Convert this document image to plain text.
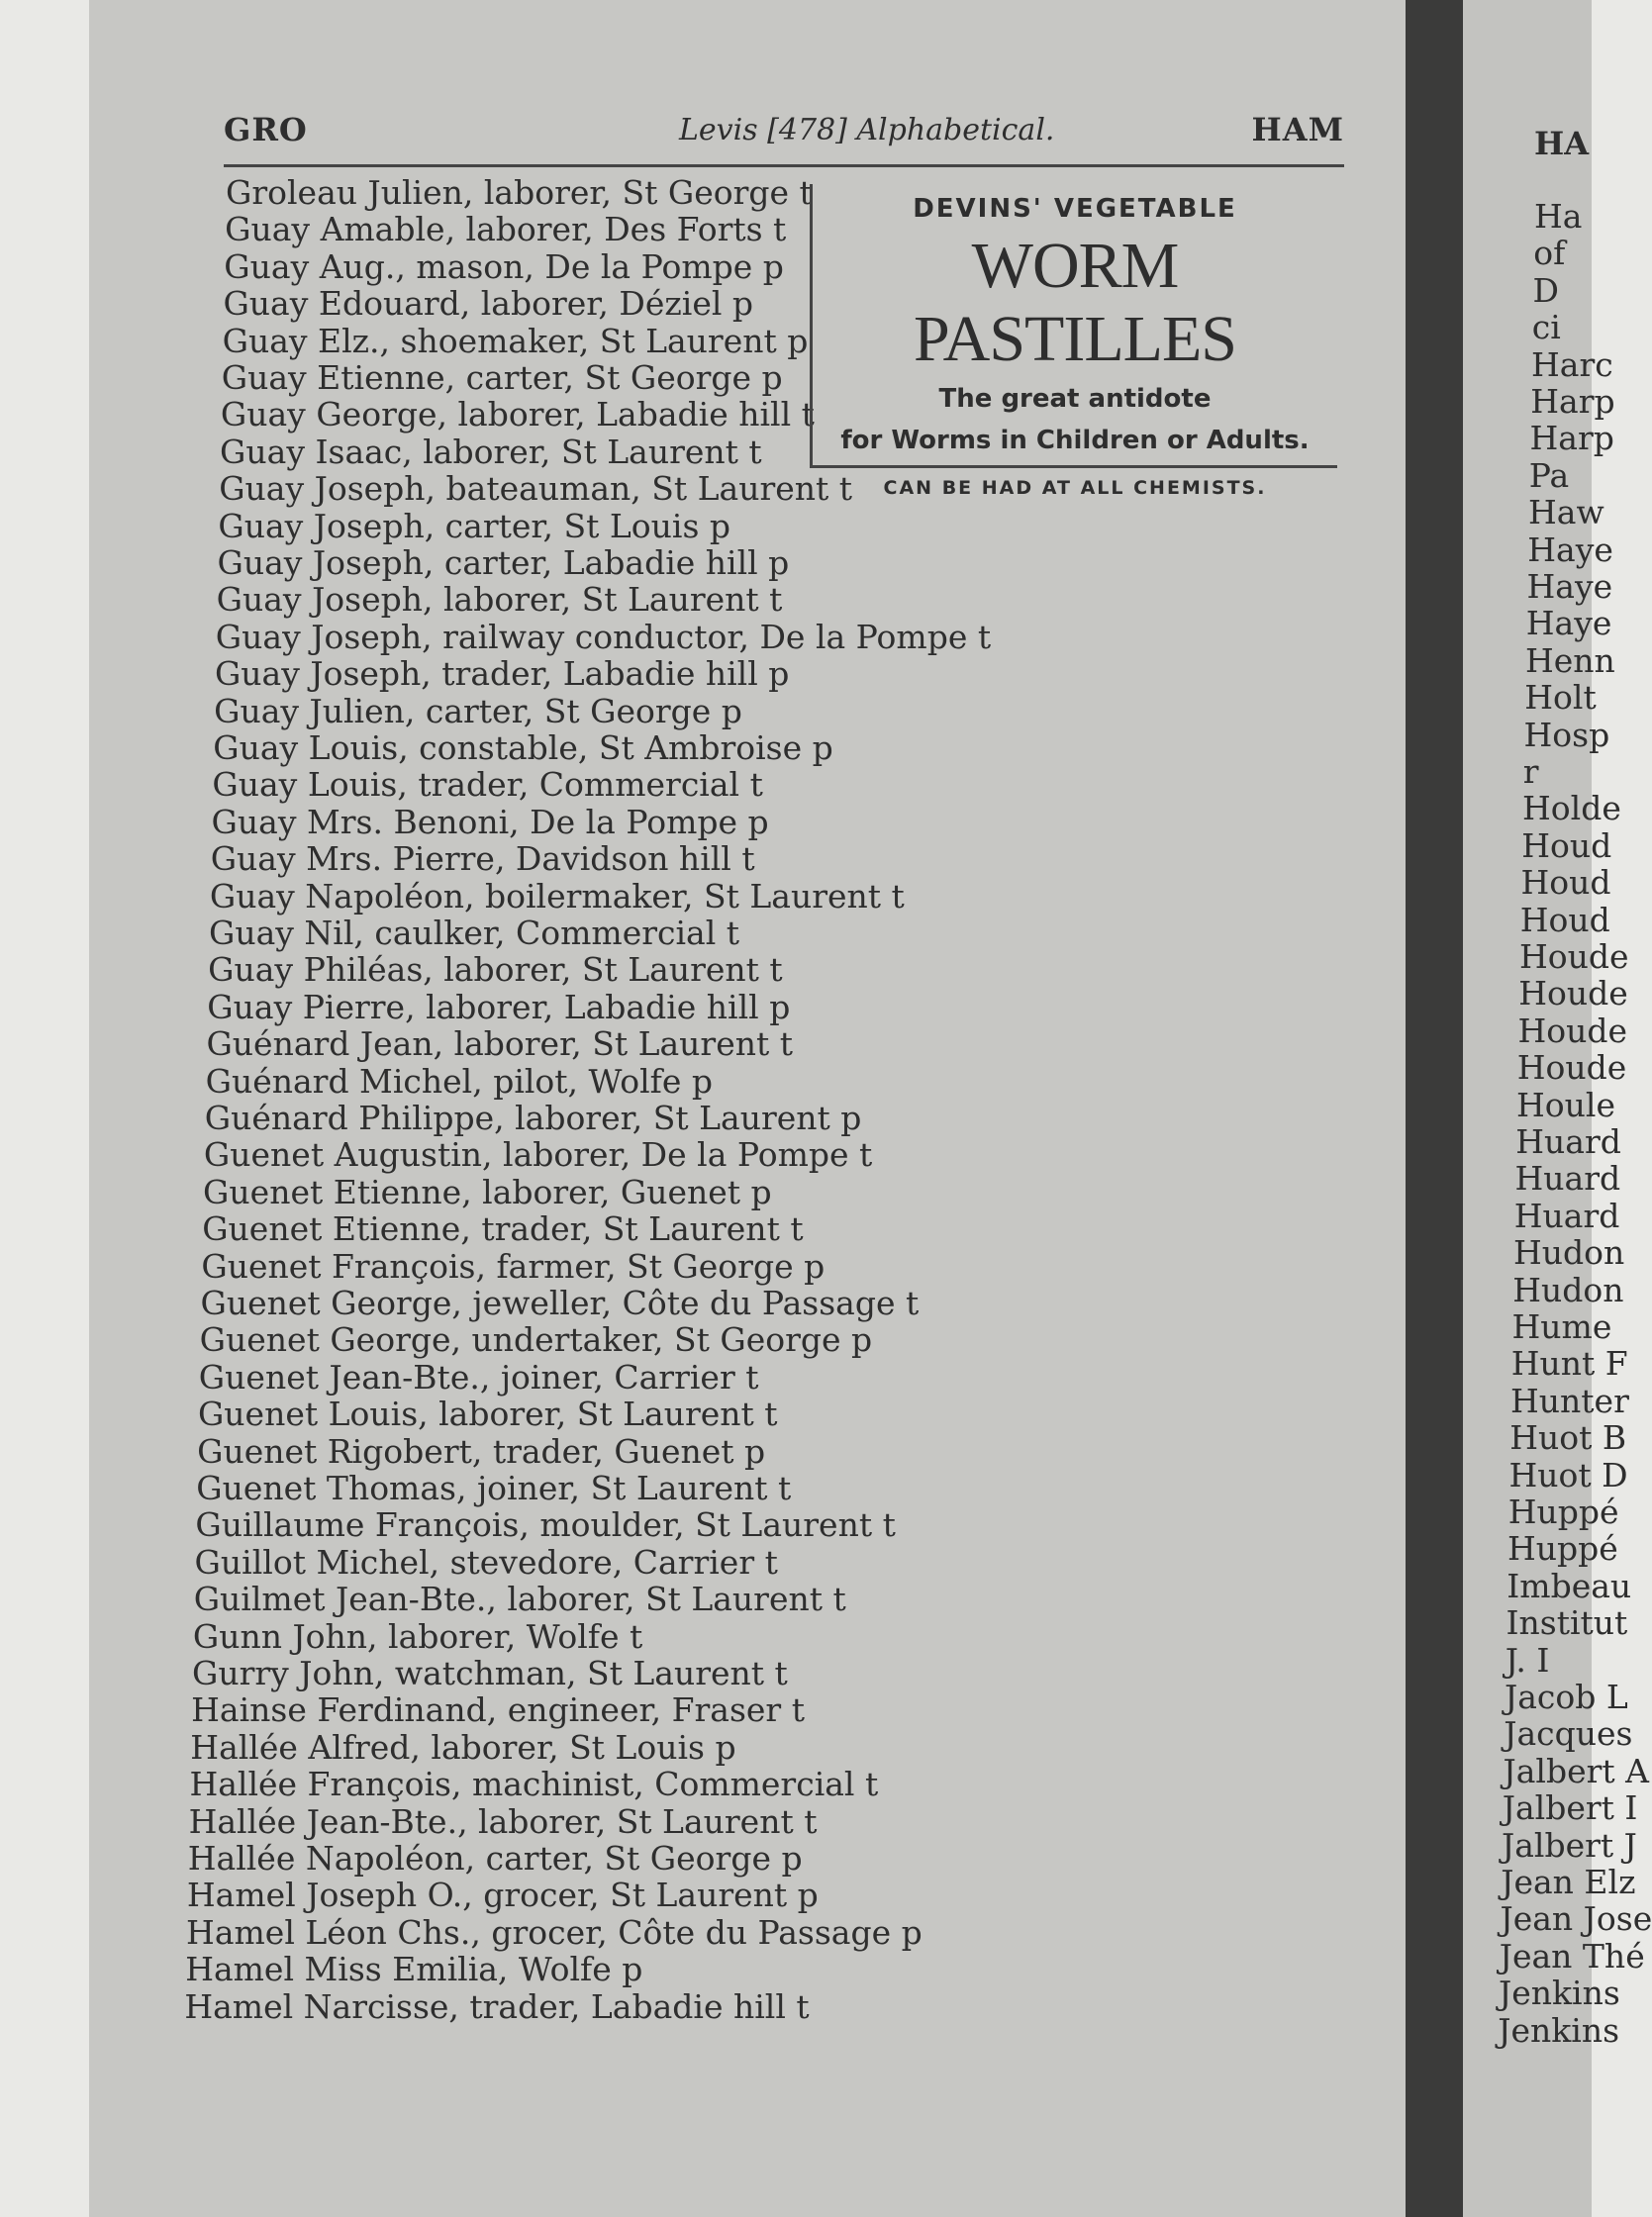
HA
Ha
of
D
ci
Harc
Harp
Harp
Pa
Haw
Haye
Haye
Haye
Henn
Holt
Hosp
r
Holde
Houd
Houd
Houd
Houde
Houde
Houde
Houde
Houle
Huard
Huard
Huard
Hudon
Hudon
Hume
Hunt F
Hunter
Huot B
Huot D
Huppé
Huppé
Imbeau
Institut
J. I
Jacob L
Jacques
Jalbert A
Jalbert I
Jalbert J
Jean Elz
Jean Jose
Jean Thé
Jenkins
Jenkins
GRO	Levis [478] Alphabetical.	HAM
Groleau Julien, laborer, St George t
Guay Amable, laborer, Des Forts t
Guay Aug., mason, De la Pompe p
Guay Edouard, laborer, Déziel p
Guay Elz., shoemaker, St Laurent p
Guay Etienne, carter, St George p
Guay George, laborer, Labadie hill t
Guay Isaac, laborer, St Laurent t
Guay Joseph, bateauman, St Laurent t
Guay Joseph, carter, St Louis p
Guay Joseph, carter, Labadie hill p
Guay Joseph, laborer, St Laurent t
Guay Joseph, railway conductor, De la Pompe t
Guay Joseph, trader, Labadie hill p
Guay Julien, carter, St George p
Guay Louis, constable, St Ambroise p
Guay Louis, trader, Commercial t
Guay Mrs. Benoni, De la Pompe p
Guay Mrs. Pierre, Davidson hill t
Guay Napoléon, boilermaker, St Laurent t
Guay Nil, caulker, Commercial t
Guay Philéas, laborer, St Laurent t
Guay Pierre, laborer, Labadie hill p
Guénard Jean, laborer, St Laurent t
Guénard Michel, pilot, Wolfe p
Guénard Philippe, laborer, St Laurent p
Guenet Augustin, laborer, De la Pompe t
Guenet Etienne, laborer, Guenet p
Guenet Etienne, trader, St Laurent t
Guenet François, farmer, St George p
Guenet George, jeweller, Côte du Passage t
Guenet George, undertaker, St George p
Guenet Jean-Bte., joiner, Carrier t
Guenet Louis, laborer, St Laurent t
Guenet Rigobert, trader, Guenet p
Guenet Thomas, joiner, St Laurent t
Guillaume François, moulder, St Laurent t
Guillot Michel, stevedore, Carrier t
Guilmet Jean-Bte., laborer, St Laurent t
Gunn John, laborer, Wolfe t
Gurry John, watchman, St Laurent t
Hainse Ferdinand, engineer, Fraser t
Hallée Alfred, laborer, St Louis p
Hallée François, machinist, Commercial t
Hallée Jean-Bte., laborer, St Laurent t
Hallée Napoléon, carter, St George p
Hamel Joseph O., grocer, St Laurent p
Hamel Léon Chs., grocer, Côte du Passage p
Hamel Miss Emilia, Wolfe p
Hamel Narcisse, trader, Labadie hill t
DEVINS' VEGETABLE
WORM PASTILLES
The great antidote
for Worms in Children or Adults.
CAN BE HAD AT ALL CHEMISTS.
